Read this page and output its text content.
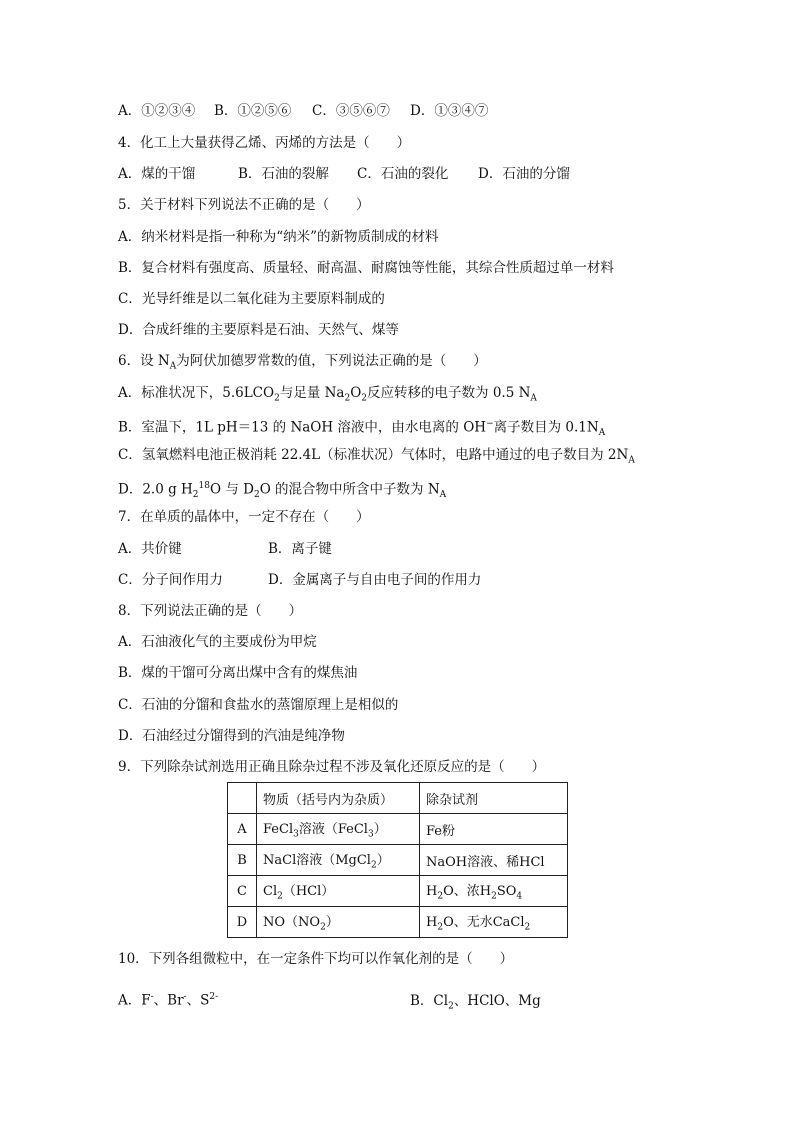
A．①②③④ B．①②⑤⑥ C．③⑤⑥⑦ D．①③④⑦
4．化工上大量获得乙烯、丙烯的方法是（　　）
A．煤的干馏	B．石油的裂解 C．石油的裂化 D．石油的分馏
5．关于材料下列说法不正确的是（　　）
A．纳米材料是指一种称为“纳米”的新物质制成的材料
B．复合材料有强度高、质量轻、耐高温、耐腐蚀等性能，其综合性质超过单一材料
C．光导纤维是以二氧化硅为主要原料制成的
D．合成纤维的主要原料是石油、天然气、煤等
6．设 $N_A$为阿伏加德罗常数的值，下列说法正确的是（　　）
A．标准状况下，$5.6LCO_2$与足量 $Na_2O_2$反应转移的电子数为 0.5 $N_A$
B．室温下，1L pH＝13 的 NaOH 溶液中，由水电离的 OH−离子数目为 $0.1N_A$
C．氢氧燃料电池正极消耗 22.4L（标准状况）气体时，电路中通过的电子数目为 $2N_A$
D．2.0 g $H_2^{18}O$ 与 $D_2O$ 的混合物中所含中子数为 $N_A$
7．在单质的晶体中，一定不存在（　　）
A．共价键	B．离子键
C．分子间作用力	D．金属离子与自由电子间的作用力
8．下列说法正确的是（　　）
A．石油液化气的主要成份为甲烷
B．煤的干馏可分离出煤中含有的煤焦油
C．石油的分馏和食盐水的蒸馏原理上是相似的
D．石油经过分馏得到的汽油是纯净物
9．下列除杂试剂选用正确且除杂过程不涉及氧化还原反应的是（　　）
	物质（括号内为杂质）	除杂试剂
A	FeCl$_3$溶液（FeCl$_3$）	Fe粉
B	NaCl溶液（MgCl$_2$）	NaOH溶液、稀HCl
C	$Cl_2(HCl)$	$H_2O$、浓$H_2SO_4$
D	$NO(NO_2)$	$H_2O$、无水CaCl$_2$
10．下列各组微粒中，在一定条件下均可以作氧化剂的是（　　）
A．F-、Br-、$S^{2-}$	B．$Cl_2$、HClO、Mg
